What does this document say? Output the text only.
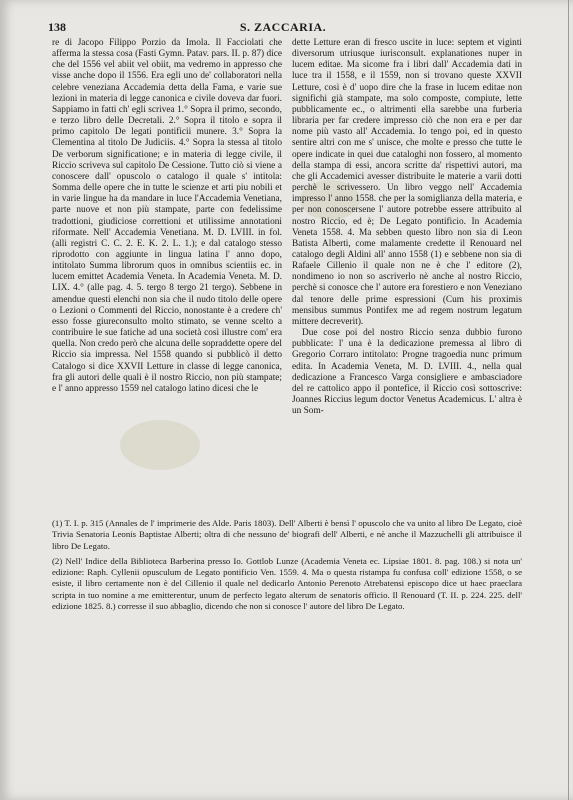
138	S. ZACCARIA.

re di Jacopo Filippo Porzio da Imola. Il Facciolati che afferma la stessa cosa (Fasti Gymn. Patav. pars. II. p. 87) dice che del 1556 vel abiit vel obiit, ma vedremo in appresso che visse anche dopo il 1556. Era egli uno de' collaboratori nella celebre veneziana Accademia detta della Fama, e varie sue lezioni in materia di legge canonica e civile doveva dar fuori. Sappiamo in fatti ch' egli scrivea 1.° Sopra il primo, secondo, e terzo libro delle Decretali. 2.° Sopra il titolo e sopra il primo capitolo De legati pontificii munere. 3.° Sopra la Clementina al titolo De Judiciis. 4.° Sopra la stessa al titolo De verborum significatione; e in materia di legge civile, il Riccio scriveva sul capitolo De Cessione. Tutto ciò si viene a conoscere dall' opuscolo o catalogo il quale s' intitola: Somma delle opere che in tutte le scienze et arti piu nobili et in varie lingue ha da mandare in luce l'Accademia Venetiana, parte nuove et non più stampate, parte con fedelissime tradottioni, giudiciose correttioni et utilissime annotationi riformate. Nell' Accademia Venetiana. M. D. LVIII. in fol. (alli registri C. C. 2. E. K. 2. L. 1.); e dal catalogo stesso riprodotto con aggiunte in lingua latina l' anno dopo, intitolato Summa librorum quos in omnibus scientiis ec. in lucem emittet Academia Veneta. In Academia Veneta. M. D. LIX. 4.° (alle pag. 4. 5. tergo 8 tergo 21 tergo). Sebbene in amendue questi elenchi non sia che il nudo titolo delle opere o Lezioni o Commenti del Riccio, nonostante è a credere ch' esso fosse giureconsulto molto stimato, se venne scelto a contribuire le sue fatiche ad una società così illustre com' era quella. Non credo però che alcuna delle sopraddette opere del Riccio sia impressa. Nel 1558 quando si pubblicò il detto Catalogo si dice XXVII Letture in classe di legge canonica, fra gli autori delle quali è il nostro Riccio, non più stampate; e l' anno appresso 1559 nel catalogo latino dicesi che le

dette Letture eran di fresco uscite in luce: septem et viginti diversorum utriusque iurisconsult. explanationes nuper in lucem editae. Ma sicome fra i libri dall' Accademia dati in luce tra il 1558, e il 1559, non si trovano queste XXVII Letture, così è d' uopo dire che la frase in lucem editae non significhi già stampate, ma solo composte, compiute, lette pubblicamente ec., o altrimenti ella sarebbe una furberia libraria per far credere impresso ciò che non era e per dar nome più vasto all' Accademia. Io tengo poi, ed in questo sentire altri con me s' unisce, che molte e presso che tutte le opere indicate in quei due cataloghi non fossero, al momento della stampa di essi, ancora scritte da' rispettivi autori, ma che gli Accademici avesser distribuite le materie a varii dotti perchè le scrivessero. Un libro veggo nell' Accademia impresso l' anno 1558. che per la somiglianza della materia, e per non conoscersene l' autore potrebbe essere attribuito al nostro Riccio, ed è; De Legato pontificio. In Academia Veneta 1558. 4. Ma sebben questo libro non sia di Leon Batista Alberti, come malamente credette il Renouard nel catalogo degli Aldini all' anno 1558 (1) e sebbene non sia di Rafaele Cillenio il quale non ne è che l' editore (2), nondimeno io non so ascriverlo nè anche al nostro Riccio, perchè si conosce che l' autore era forestiero e non Veneziano dal tenore delle prime espressioni (Cum his proximis mensibus summus Pontifex me ad regem nostrum legatum mittere decreverit).

Due cose poi del nostro Riccio senza dubbio furono pubblicate: l' una è la dedicazione premessa al libro di Gregorio Corraro intitolato: Progne tragoedia nunc primum edita. In Academia Veneta, M. D. LVIII. 4., nella qual dedicazione a Francesco Varga consigliere e ambasciadore del re cattolico appo il pontefice, il Riccio così sottoscrive: Joannes Riccius legum doctor Venetus Academicus. L' altra è un Som-

(1) T. I. p. 315 (Annales de l' imprimerie des Alde. Paris 1803). Dell' Alberti è bensì l' opuscolo che va unito al libro De Legato, cioè Trivia Senatoria Leonis Baptistae Alberti; oltra di che nessuno de' biografi dell' Alberti, e nè anche il Mazzuchelli gli attribuisce il libro De Legato.

(2) Nell' Indice della Biblioteca Barberina presso Io. Gottlob Lunze (Academia Veneta ec. Lipsiae 1801. 8. pag. 108.) si nota un' edizione: Raph. Cyllenii opusculum de Legato pontificio Ven. 1559. 4. Ma o questa ristampa fu confusa coll' edizione 1558, o se esiste, il libro certamente non è del Cillenio il quale nel dedicarlo Antonio Perenoto Atrebatensi episcopo dice ut haec praeclara scripta in tuo nomine a me emitterentur, unum de perfecto legato alterum de senatoris officio. Il Renouard (T. II. p. 224. 225. dell' edizione 1825. 8.) corresse il suo abbaglio, dicendo che non si conosce l' autore del libro De Legato.
